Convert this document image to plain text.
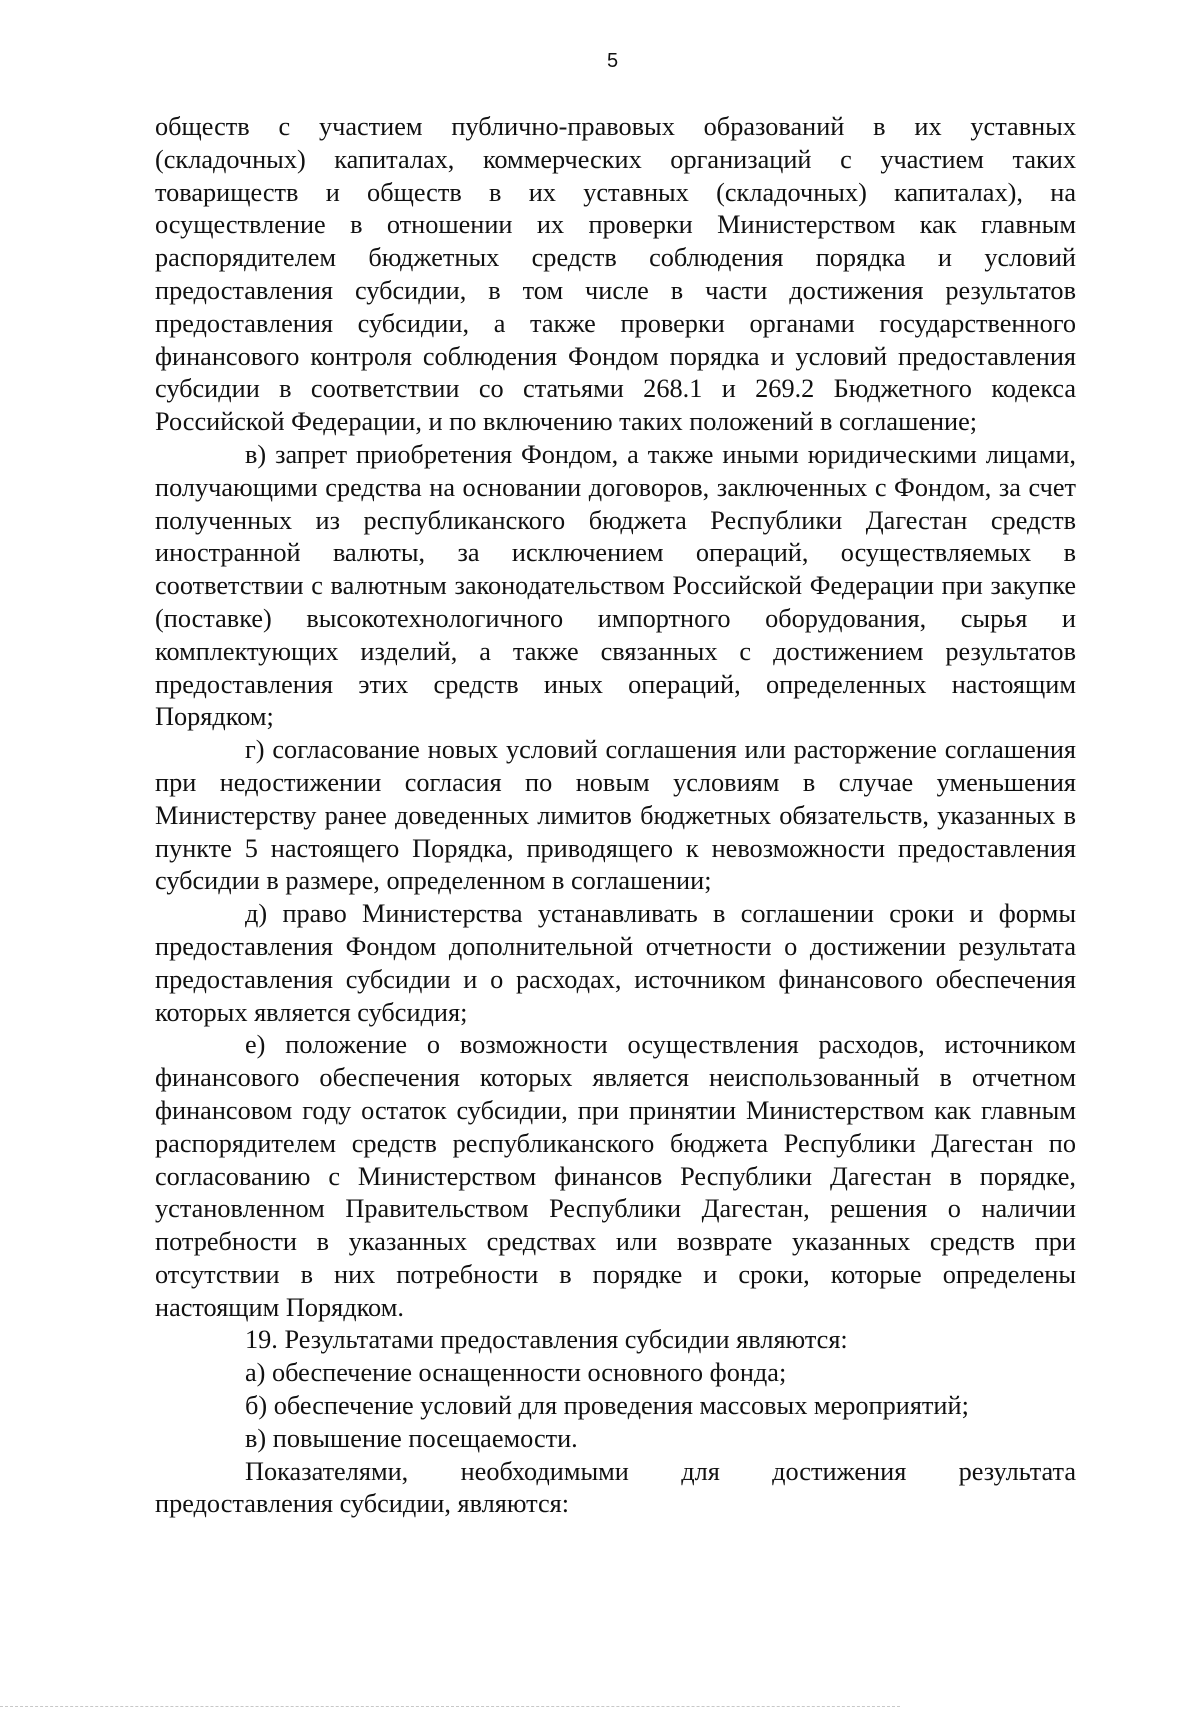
5

обществ с участием публично-правовых образований в их уставных (складочных) капиталах, коммерческих организаций с участием таких товариществ и обществ в их уставных (складочных) капиталах), на осуществление в отношении их проверки Министерством как главным распорядителем бюджетных средств соблюдения порядка и условий предоставления субсидии, в том числе в части достижения результатов предоставления субсидии, а также проверки органами государственного финансового контроля соблюдения Фондом порядка и условий предоставления субсидии в соответствии со статьями 268.1 и 269.2 Бюджетного кодекса Российской Федерации, и по включению таких положений в соглашение;

в) запрет приобретения Фондом, а также иными юридическими лицами, получающими средства на основании договоров, заключенных с Фондом, за счет полученных из республиканского бюджета Республики Дагестан средств иностранной валюты, за исключением операций, осуществляемых в соответствии с валютным законодательством Российской Федерации при закупке (поставке) высокотехнологичного импортного оборудования, сырья и комплектующих изделий, а также связанных с достижением результатов предоставления этих средств иных операций, определенных настоящим Порядком;

г) согласование новых условий соглашения или расторжение соглашения при недостижении согласия по новым условиям в случае уменьшения Министерству ранее доведенных лимитов бюджетных обязательств, указанных в пункте 5 настоящего Порядка, приводящего к невозможности предоставления субсидии в размере, определенном в соглашении;

д) право Министерства устанавливать в соглашении сроки и формы предоставления Фондом дополнительной отчетности о достижении результата предоставления субсидии и о расходах, источником финансового обеспечения которых является субсидия;

е) положение о возможности осуществления расходов, источником финансового обеспечения которых является неиспользованный в отчетном финансовом году остаток субсидии, при принятии Министерством как главным распорядителем средств республиканского бюджета Республики Дагестан по согласованию с Министерством финансов Республики Дагестан в порядке, установленном Правительством Республики Дагестан, решения о наличии потребности в указанных средствах или возврате указанных средств при отсутствии в них потребности в порядке и сроки, которые определены настоящим Порядком.

19. Результатами предоставления субсидии являются:

а) обеспечение оснащенности основного фонда;

б) обеспечение условий для проведения массовых мероприятий;

в) повышение посещаемости.

Показателями, необходимыми для достижения результата предоставления субсидии, являются:
